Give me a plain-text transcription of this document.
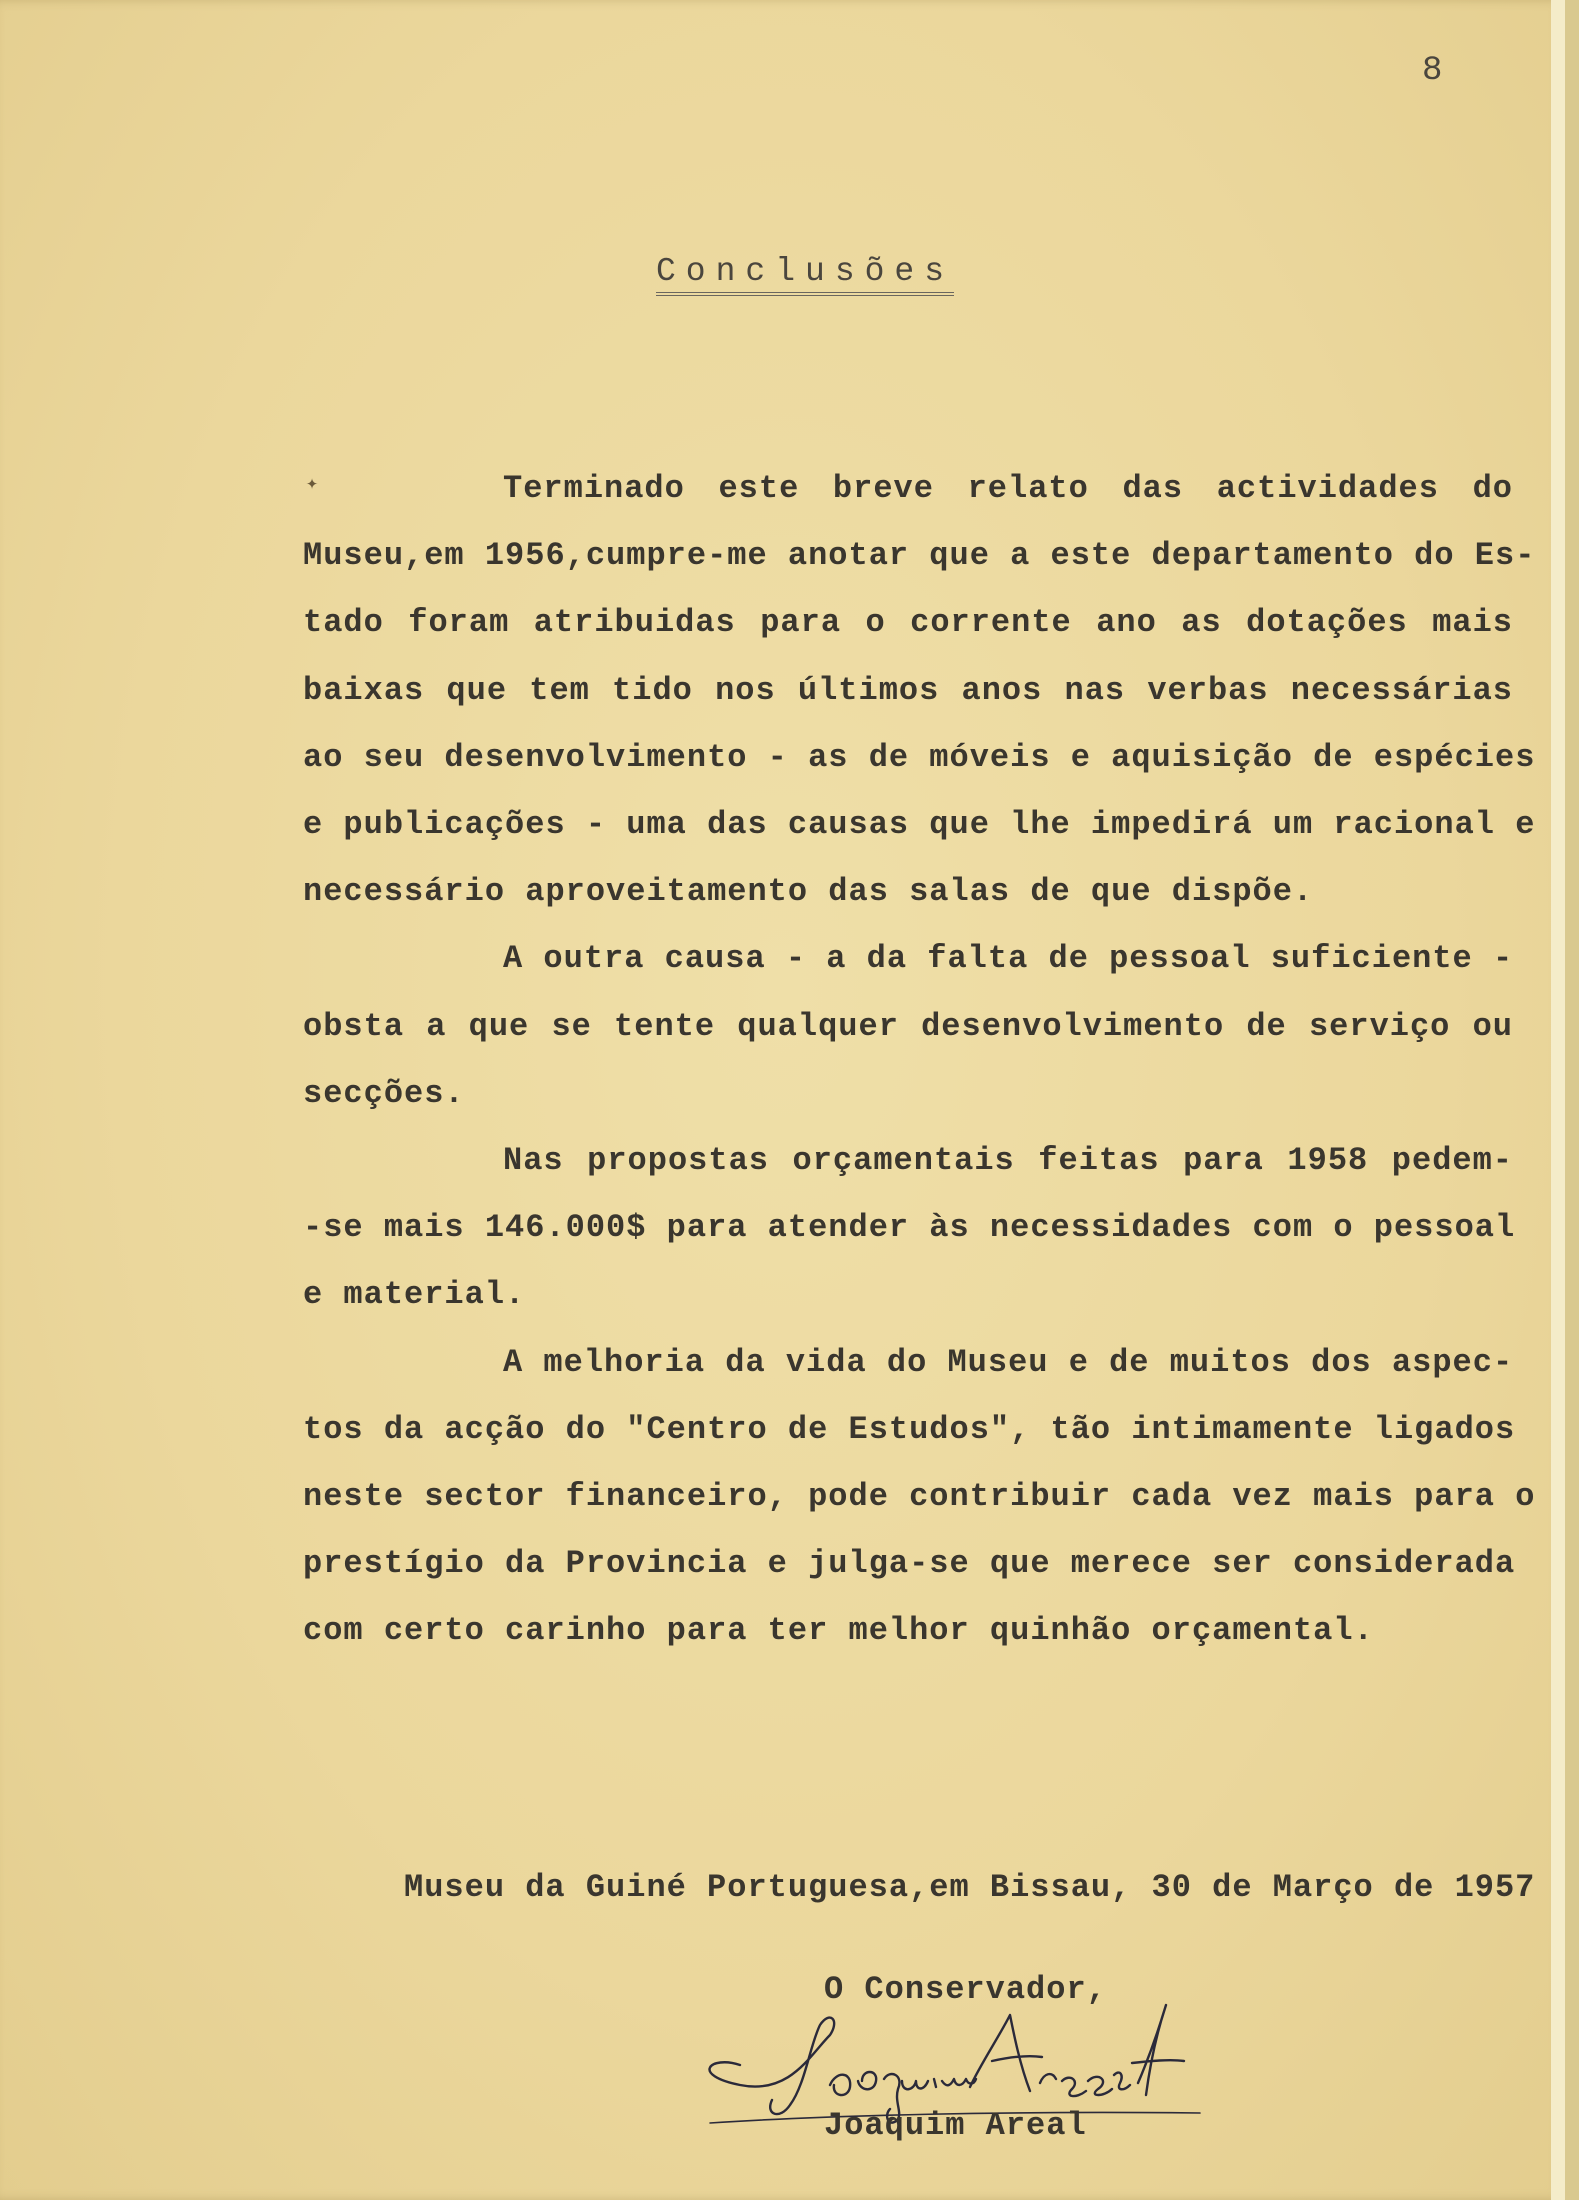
8
Conclusões
✦	Terminado este breve relato das actividades do
Museu,em 1956,cumpre-me anotar que a este departamento do Es-
tado foram atribuidas para o corrente ano as dotações mais
baixas que tem tido nos últimos anos nas verbas necessárias
ao seu desenvolvimento - as de móveis e aquisição de espécies
e publicações - uma das causas que lhe impedirá um racional e
necessário aproveitamento das salas de que dispõe.
A outra causa - a da falta de pessoal suficiente -
obsta a que se tente qualquer desenvolvimento de serviço ou
secções.
Nas propostas orçamentais feitas para 1958 pedem-
-se mais 146.000$ para atender às necessidades com o pessoal
e material.
A melhoria da vida do Museu e de muitos dos aspec-
tos da acção do "Centro de Estudos", tão intimamente ligados
neste sector financeiro, pode contribuir cada vez mais para o
prestígio da Provincia e julga-se que merece ser considerada
com certo carinho para ter melhor quinhão orçamental.
Museu da Guiné Portuguesa,em Bissau, 30 de Março de 1957
O Conservador,
Joaquim Areal
